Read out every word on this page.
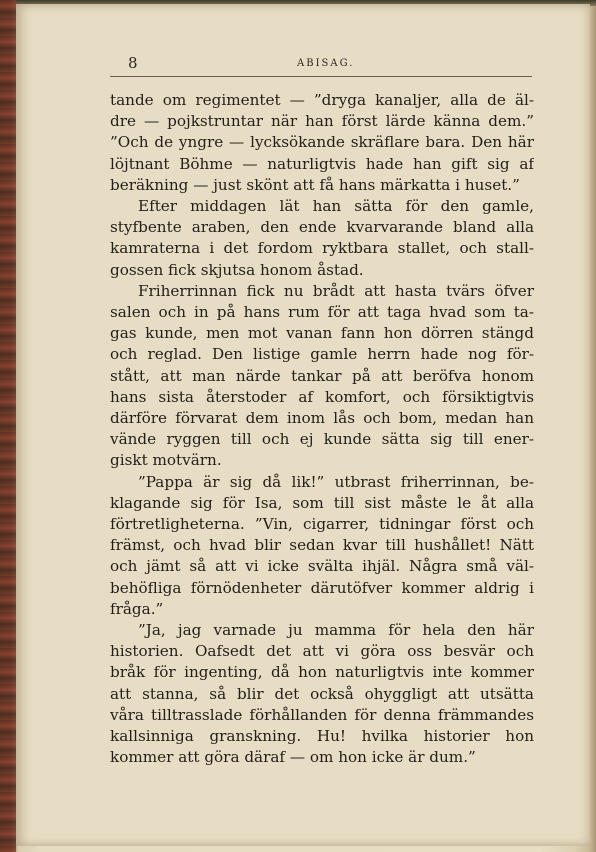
8	ABISAG.
tande om regimentet — ”dryga kanaljer, alla de äl-
dre — pojkstruntar när han först lärde känna dem.”
”Och de yngre — lycksökande skräflare bara. Den här
löjtnant Böhme — naturligtvis hade han gift sig af
beräkning — just skönt att få hans märkatta i huset.”
Efter middagen lät han sätta för den gamle,
styfbente araben, den ende kvarvarande bland alla
kamraterna i det fordom ryktbara stallet, och stall-
gossen fick skjutsa honom åstad.
Friherrinnan fick nu brådt att hasta tvärs öfver
salen och in på hans rum för att taga hvad som ta-
gas kunde, men mot vanan fann hon dörren stängd
och reglad. Den listige gamle herrn hade nog för-
stått, att man närde tankar på att beröfva honom
hans sista återstoder af komfort, och försiktigtvis
därföre förvarat dem inom lås och bom, medan han
vände ryggen till och ej kunde sätta sig till ener-
giskt motvärn.
”Pappa är sig då lik!” utbrast friherrinnan, be-
klagande sig för Isa, som till sist måste le åt alla
förtretligheterna. ”Vin, cigarrer, tidningar först och
främst, och hvad blir sedan kvar till hushållet! Nätt
och jämt så att vi icke svälta ihjäl. Några små väl-
behöfliga förnödenheter därutöfver kommer aldrig i
fråga.”
”Ja, jag varnade ju mamma för hela den här
historien. Oafsedt det att vi göra oss besvär och
bråk för ingenting, då hon naturligtvis inte kommer
att stanna, så blir det också ohyggligt att utsätta
våra tilltrasslade förhållanden för denna främmandes
kallsinniga granskning. Hu! hvilka historier hon
kommer att göra däraf — om hon icke är dum.”
